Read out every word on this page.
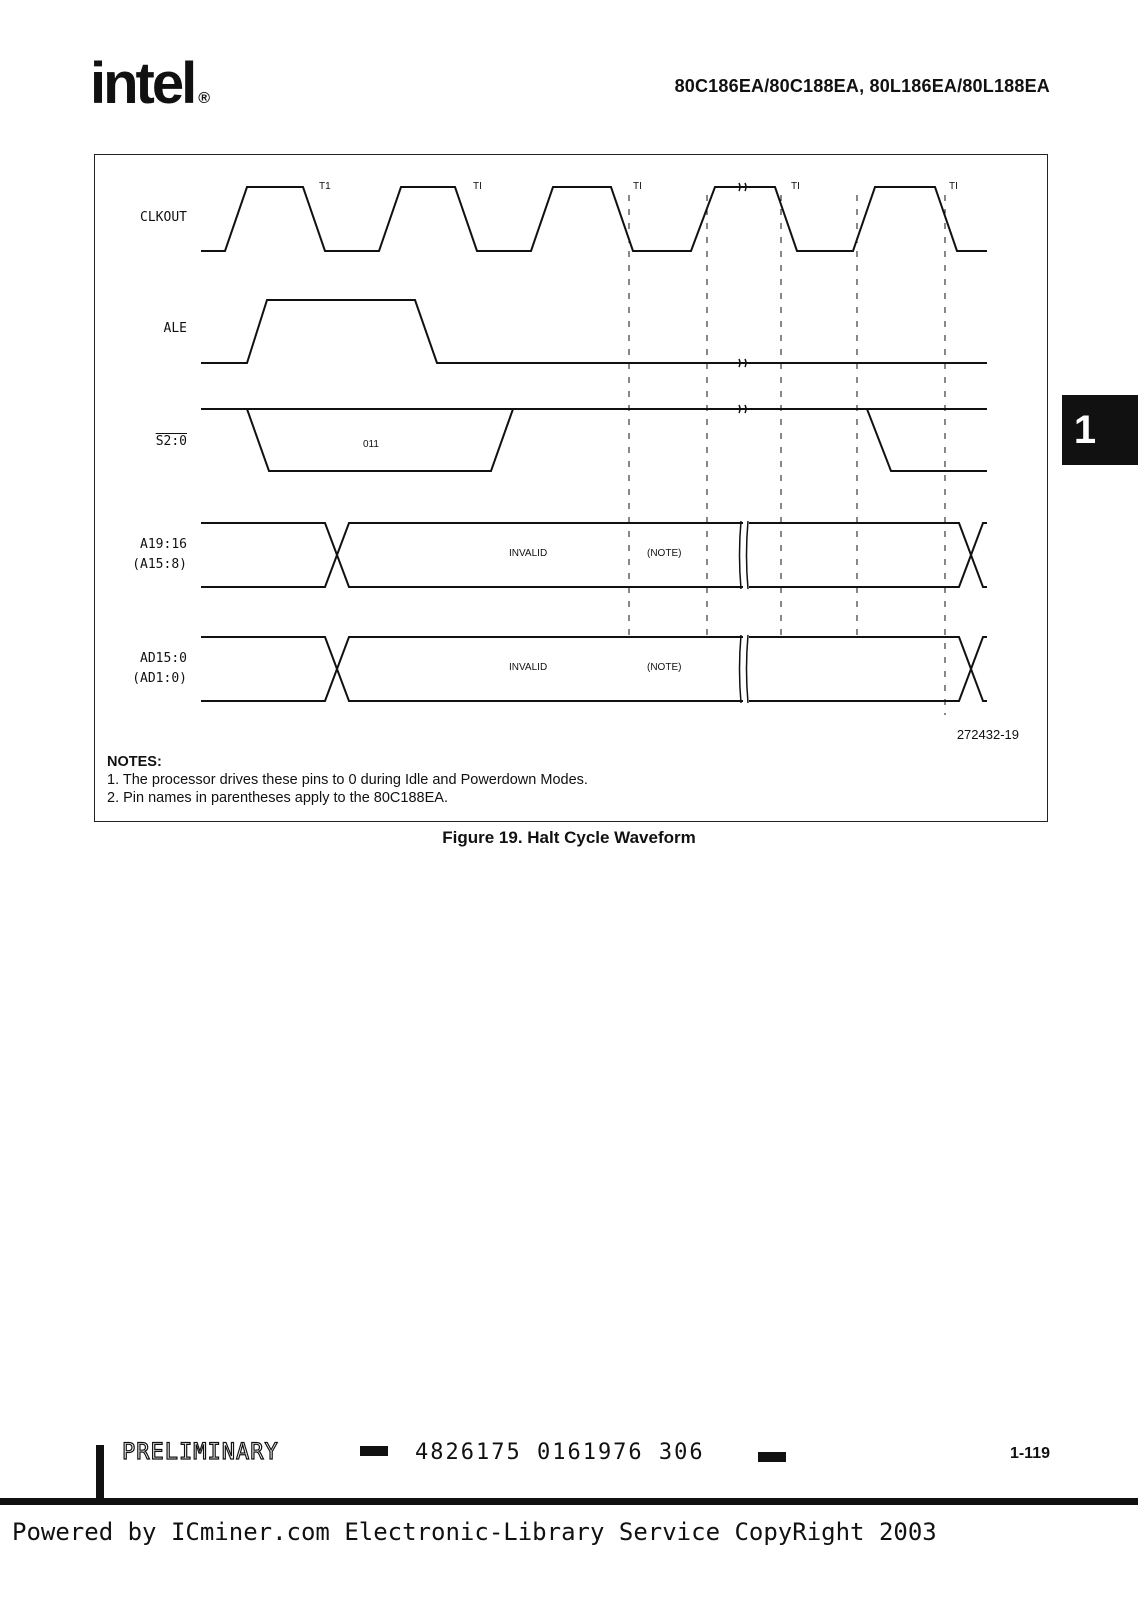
intel ®
80C186EA/80C188EA, 80L186EA/80L188EA
1
CLKOUT
ALE
S2:0
A19:16
(A15:8)
AD15:0
(AD1:0)
T1	TI	TI	TI	TI
011
INVALID	(NOTE)
INVALID	(NOTE)
272432-19
NOTES:
1. The processor drives these pins to 0 during Idle and Powerdown Modes.
2. Pin names in parentheses apply to the 80C188EA.
Figure 19. Halt Cycle Waveform
PRELIMINARY	4826175 0161976 306	1-119
Powered by ICminer.com Electronic-Library Service CopyRight 2003
